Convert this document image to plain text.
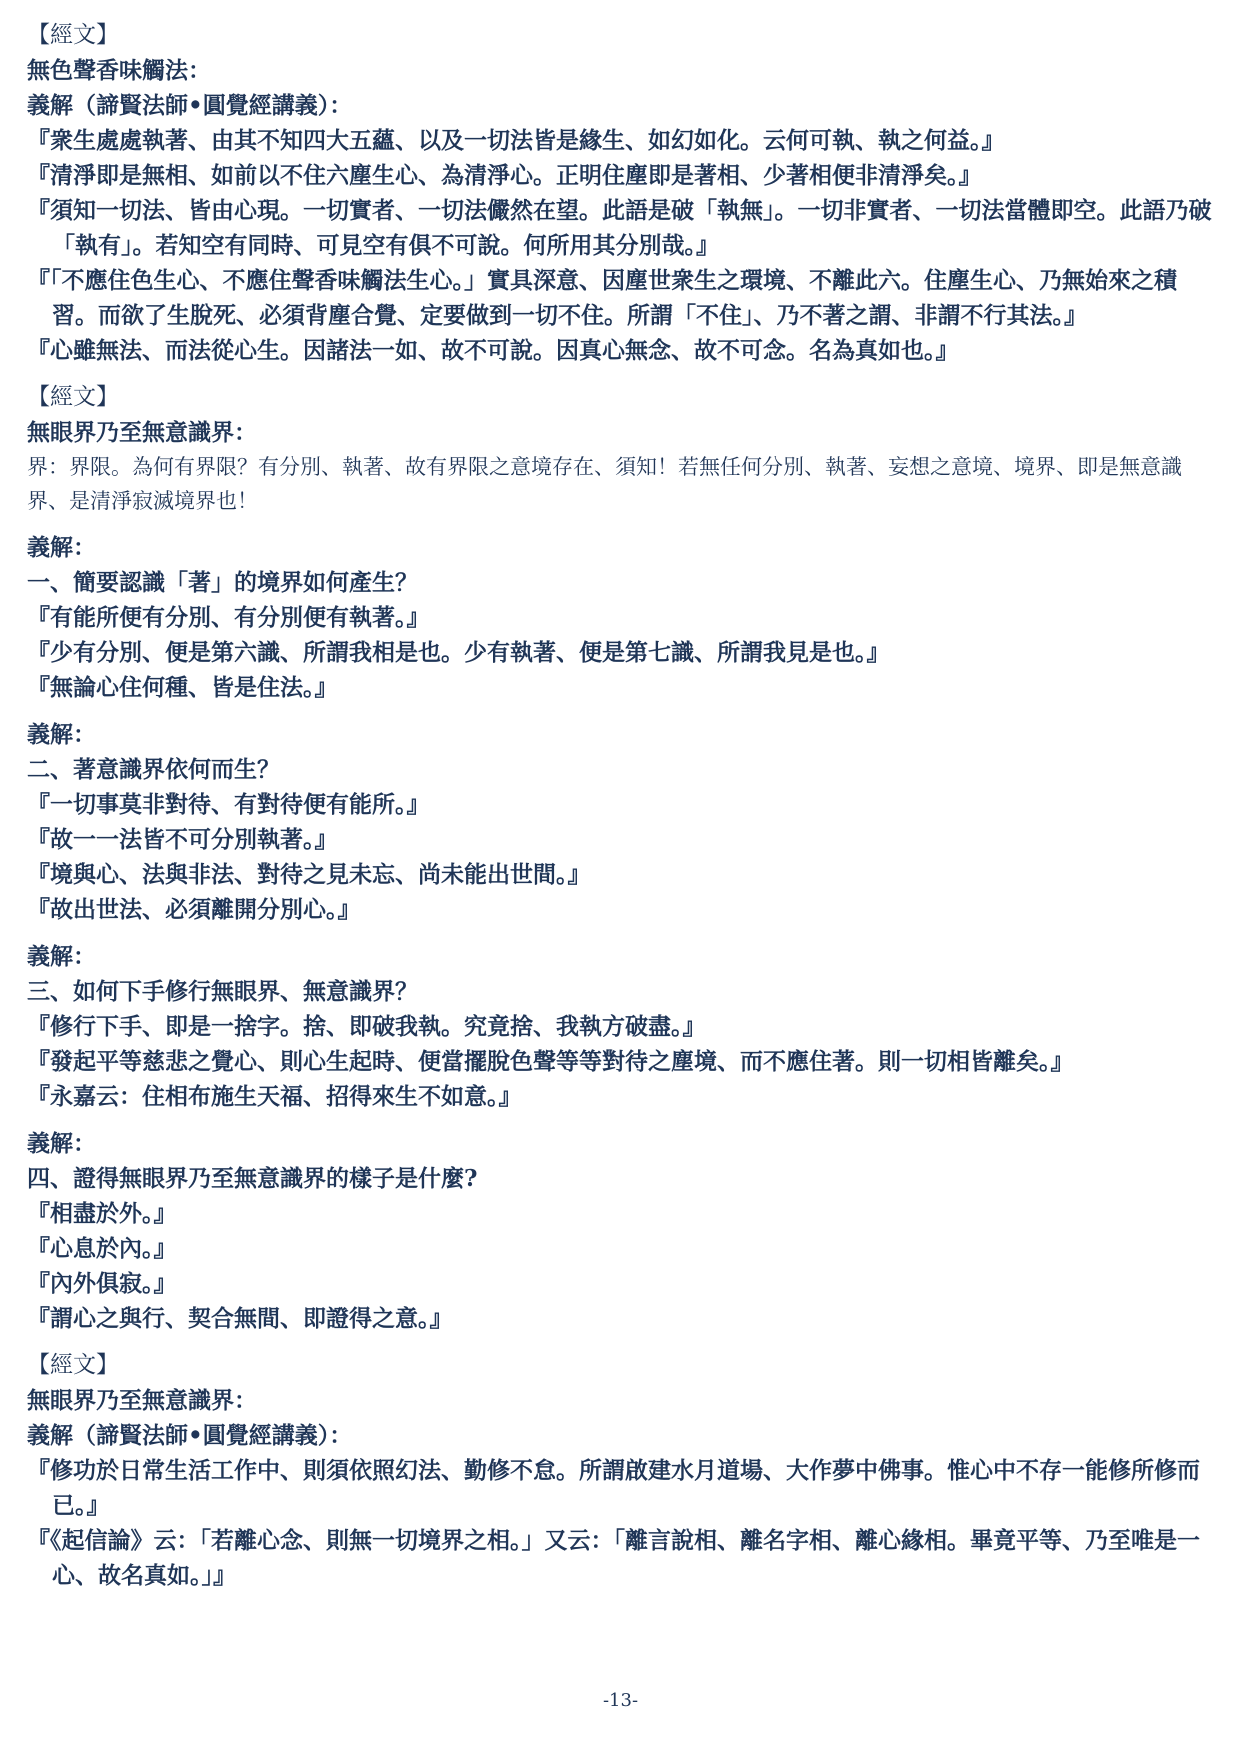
【經文】
無色聲香味觸法：
義解（諦賢法師•圓覺經講義）：
『衆生處處執著、由其不知四大五蘊、以及一切法皆是緣生、如幻如化。云何可執、執之何益。』
『清淨即是無相、如前以不住六塵生心、為清淨心。正明住塵即是著相、少著相便非清淨矣。』
『須知一切法、皆由心現。一切實者、一切法儼然在望。此語是破「執無」。一切非實者、一切法當體即空。此語乃破「執有」。若知空有同時、可見空有俱不可說。何所用其分別哉。』
『「不應住色生心、不應住聲香味觸法生心。」實具深意、因塵世衆生之環境、不離此六。住塵生心、乃無始來之積習。而欲了生脫死、必須背塵合覺、定要做到一切不住。所謂「不住」、乃不著之謂、非謂不行其法。』
『心雖無法、而法從心生。因諸法一如、故不可說。因真心無念、故不可念。名為真如也。』
【經文】
無眼界乃至無意識界：
界：界限。為何有界限？有分別、執著、故有界限之意境存在、須知！若無任何分別、執著、妄想之意境、境界、即是無意識界、是清淨寂滅境界也！
義解：
一、簡要認識「著」的境界如何產生？
『有能所便有分別、有分別便有執著。』
『少有分別、便是第六識、所謂我相是也。少有執著、便是第七識、所謂我見是也。』
『無論心住何種、皆是住法。』
義解：
二、著意識界依何而生？
『一切事莫非對待、有對待便有能所。』
『故一一法皆不可分別執著。』
『境與心、法與非法、對待之見未忘、尚未能出世間。』
『故出世法、必須離開分別心。』
義解：
三、如何下手修行無眼界、無意識界？
『修行下手、即是一捨字。捨、即破我執。究竟捨、我執方破盡。』
『發起平等慈悲之覺心、則心生起時、便當擺脫色聲等等對待之塵境、而不應住著。則一切相皆離矣。』
『永嘉云：住相布施生天福、招得來生不如意。』
義解：
四、證得無眼界乃至無意識界的樣子是什麼?
『相盡於外。』
『心息於內。』
『內外俱寂。』
『謂心之與行、契合無間、即證得之意。』
【經文】
無眼界乃至無意識界：
義解（諦賢法師•圓覺經講義）：
『修功於日常生活工作中、則須依照幻法、勤修不怠。所謂啟建水月道場、大作夢中佛事。惟心中不存一能修所修而已。』
『《起信論》云：「若離心念、則無一切境界之相。」又云：「離言說相、離名字相、離心緣相。畢竟平等、乃至唯是一心、故名真如。」』
-13-
